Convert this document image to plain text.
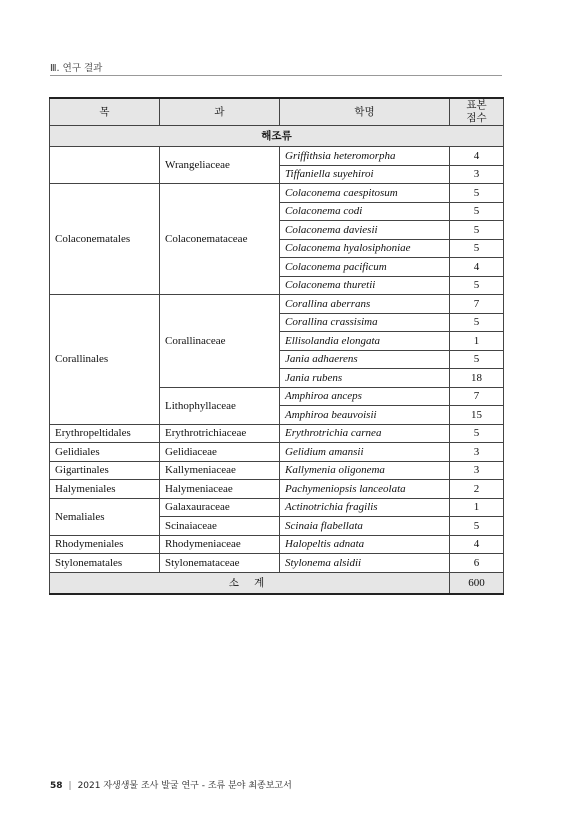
Ⅲ. 연구 결과
목	과	학명	표본 점수
해조류			
	Wrangeliaceae	Griffithsia heteromorpha	4
		Tiffaniella suyehiroi	3
Colaconematales	Colaconemataceae	Colaconema caespitosum	5
		Colaconema codi	5
		Colaconema daviesii	5
		Colaconema hyalosiphoniae	5
		Colaconema pacificum	4
		Colaconema thuretii	5
Corallinales	Corallinaceae	Corallina aberrans	7
		Corallina crassisima	5
		Ellisolandia elongata	1
		Jania adhaerens	5
		Jania rubens	18
	Lithophyllaceae	Amphiroa anceps	7
		Amphiroa beauvoisii	15
Erythropeltidales	Erythrotrichiaceae	Erythrotrichia carnea	5
Gelidiales	Gelidiaceae	Gelidium amansii	3
Gigartinales	Kallymeniaceae	Kallymenia oligonema	3
Halymeniales	Halymeniaceae	Pachymeniopsis lanceolata	2
Nemaliales	Galaxauraceae	Actinotrichia fragilis	1
	Scinaiaceae	Scinaia flabellata	5
Rhodymeniales	Rhodymeniaceae	Halopeltis adnata	4
Stylonematales	Stylonemataceae	Stylonema alsidii	6
소 계			600
58 | 2021 자생생물 조사 발굴 연구 - 조류 분야 최종보고서
